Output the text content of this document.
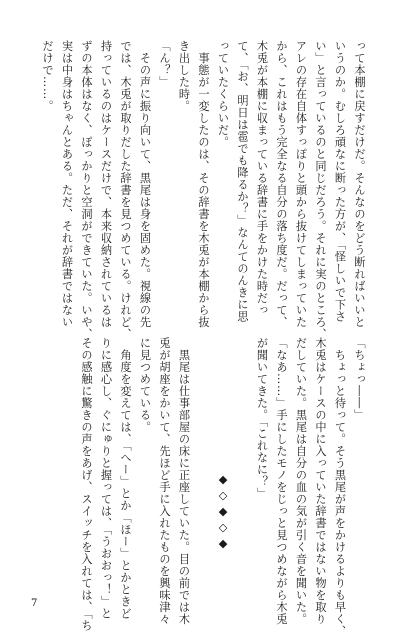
って本棚に戻すだけだ。そんなのをどう断ればいいと
いうのか。むしろ頑なに断った方が、「怪しいで下さ
い」と言っているのと同じだろう。それに実のところ、
アレの存在自体すっぽりと頭から抜けてしまっていた
から、これはもう完全なる自分の落ち度だ。だって、
木兎が本棚に収まっている辞書に手をかけた時だっ
て、「お、明日は雹でも降るか？」なんてのんきに思
っていたくらいだ。
　事態が一変したのは、その辞書を木兎が本棚から抜
き出した時。
「ん？」
　その声に振り向いて、黒尾は身を固めた。視線の先
では、木兎が取りだした辞書を見つめている。けれど、
持っているのはケースだけで、本来収納されているは
ずの本体はなく、ぽっかりと空洞ができていた。いや、
実は中身はちゃんとある。ただ、それが辞書ではない
だけで……。
「ちょっ――」
　ちょっと待って。そう黒尾が声をかけるよりも早く、
木兎はケースの中に入っていた辞書ではない物を取り
だしていた。黒尾は自分の血の気が引く音を聞いた。
「なあ……」手にしたモノをじっと見つめながら木兎
が聞いてきた。「これなに？」
◆◇◆◇◆
　黒尾は仕事部屋の床に正座していた。目の前では木
兎が胡座をかいて、先ほど手に入れたものを興味津々
に見つめている。
　角度を変えては、「へー」とか「ほー」とかときど
りに感心し、ぐにゅりと握っては、「うおおっ！」と
その感触に驚きの声をあげ、スイッチを入れては、「ち
7
